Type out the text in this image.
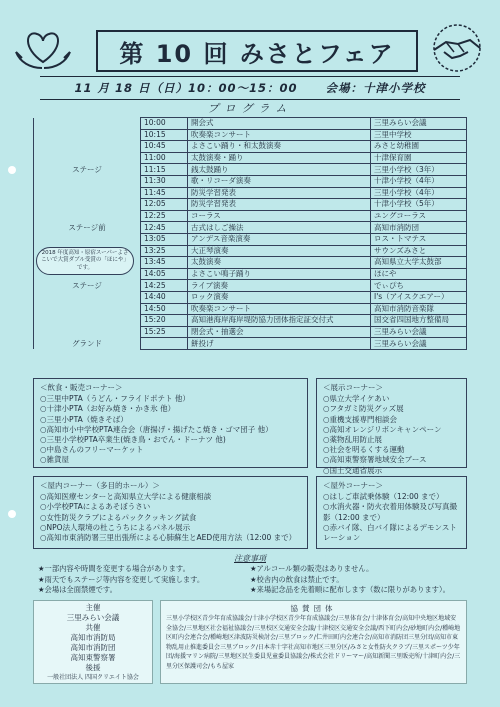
第 10 回 みさとフェア
11 月 18 日（日）10：00～15：00 会場：十津小学校
プログラム
	10:00	開会式	三里みらい会議
	10:15	吹奏楽コンサート	三里中学校
	10:45	よさこい踊り・和太鼓演奏	みさと幼稚園
	11:00	太鼓演奏・踊り	十津保育園
ステージ	11:15	銭太鼓踊り	三里小学校（3年）
	11:30	歌・リコーダ演奏	十津小学校（4年）
	11:45	防災学習発表	三里小学校（4年）
	12:05	防災学習発表	十津小学校（5年）
	12:25	コーラス	ユングコーラス
ステージ前	12:45	古式はしご操法	高知市消防団
	13:05	アンデス音楽演奏	ロス・トマテス
	13:25	大正琴演奏	サウンズみさと
	13:45	太鼓演奏	高知県立大学太鼓部
	14:05	よさこい鳴子踊り	ほにや
ステージ	14:25	ライブ演奏	でぃぴち
	14:40	ロック演奏	I's（アイスクエアー）
	14:50	吹奏楽コンサート	高知市消防音楽隊
	15:20	高知港海岸海岸堤防協力団体指定証交付式	国交省四国地方整備局
	15:25	閉会式・抽選会	三里みらい会議
グランド		餅投げ	三里みらい会議
2018 年度高知・原宿スーパーよさこいで大賞ダブル受賞の「ほにや」です。
＜飲食・販売コーナー＞
○三里中PTA（うどん・フライドポテト 他）
○十津小PTA（お好み焼き・かき氷 他）
○三里小PTA（焼きそば）
○高知市小中学校PTA連合会（唐揚げ・揚げたこ焼き・ゴマ団子 他）
○三里小学校PTA卒業生(焼き鳥・おでん・ドーナツ 他)
○中島さんのフリーマーケット
○雑貨屋
＜展示コーナー＞
○県立大学イケあい
○フタガミ防災グッズ展
○重機支援専門相談会
○高知オレンジリボンキャンペーン
○薬物乱用防止展
○社会を明るくする運動
○高知東警察署地域安全ブース
○国土交通省展示
＜屋内コーナー（多目的ホール）＞
○高知医療センターと高知県立大学による健康相談
○小学校PTAによるあそぼうさい
○女性防災クラブによるパッククッキング試食
○NPO法人環境の杜こうちによるパネル展示
○高知市東消防署三里出張所による心肺蘇生とAED使用方法（12:00 まで）
＜屋外コーナー＞
○はしご車試乗体験（12:00 まで）
○水消火器・防火衣着用体験及び写真撮影（12:00 まで）
○赤バイ隊、白バイ隊によるデモンストレーション
注意事項
★一部内容や時間を変更する場合があります。
★雨天でもステージ等内容を変更して実施します。
★会場は全面禁煙です。
★アルコール類の販売はありません。
★校舎内の飲食は禁止です。
★来場記念品を先着順に配布します（数に限りがあります）。
主催
三里みらい会議
共催
高知市消防局
高知市消防団
高知東警察署
後援
一般社団法人 四国クリエイト協会
協賛団体
三里小学校区青少年育成協議会/十津小学校区青少年育成協議会/三里体育会/十津体育会/高知中央地区地域安全協会/三里地区社会福祉協議会/三里校区交通安全会議/十津校区交通安全会議/西下町内会/砂地町内会/種崎地区町内会連合会/種崎地区津波防災検討会/三里ブロック/仁井田町内会連合会/高知市消防団三里分団/高知市東物乱用止推進委員会三里ブロック/日本赤十字社高知市地区三里分区/みさと女性防火クラブ/三里スポーツ少年団/海援マリン病院/三里地区民生委員児童委員協議会/株式会社ドリーマー/高知新聞三里販売所/十津町内会/三里分区保護司会/もち屋家
